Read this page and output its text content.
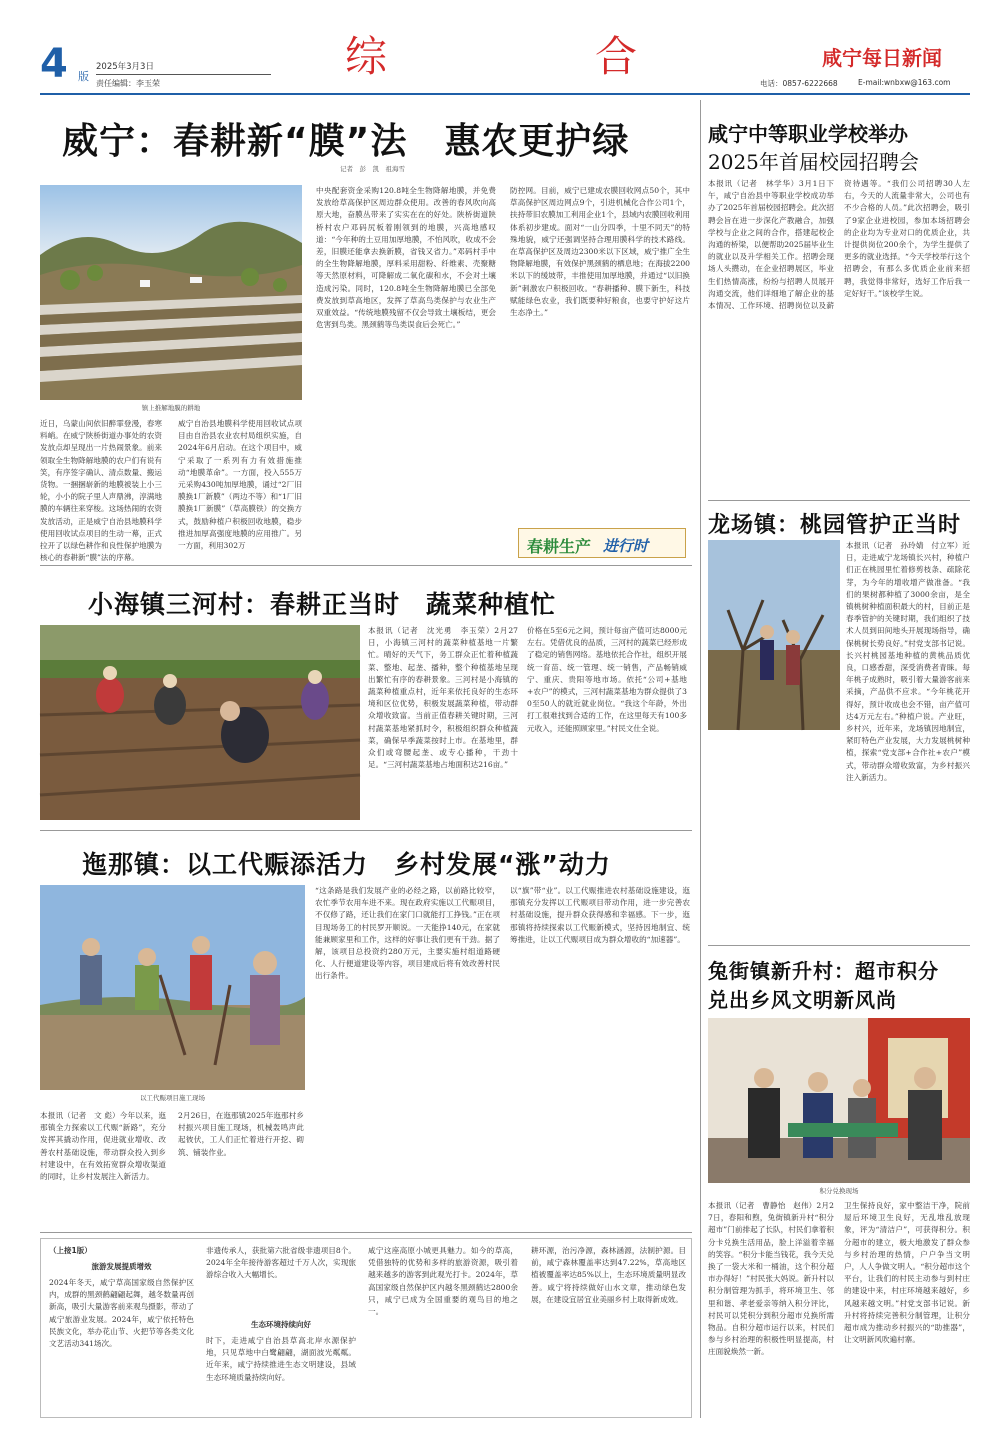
4 版
2025年3月3日
责任编辑：李玉荣
综	合	咸宁每日新闻
电话：0857-6222668	E-mail:wnbxw@163.com
威宁：春耕新“膜”法　惠农更护绿
记者　彭　凯　祖海雪
镇上推解地膜的耕地
近日，乌蒙山间依旧醉霏登漫，春寒料峭。在威宁陕桥街道办事处的农资发放点却呈现出一片热闹景象。前来领取全生物降解地膜的农户们有说有笑，有序签字确认、清点数量、搬运货物。一捆捆崭新的地膜被装上小三轮，小小的院子里人声鼎沸，淳满地膜的车辆往来穿梭。这场热闹的农资发放活动，正是威宁自治县地膜科学使用回收试点项目的生动一幕，正式拉开了以绿色耕作和良性保护地膜为核心的春耕新“膜”法的序幕。
威宁自治县地膜科学使用回收试点项目由自治县农业农村局组织实施，自2024年6月启动。在这个项目中，威宁采取了一系列有力有效措施推动“地膜革命”。一方面，投入555万元采购430吨加厚地膜，诵过“2厂旧膜换1厂新膜”（两边不等）和“1厂旧膜换1厂新膜”（草高膜铁）的交换方式，鼓励种植户积极回收地膜，稳步推进加厚高强度地膜的应用推广。另一方面，利用302万
中央配套资金采购120.8吨全生物降解地膜，并免费发放给草高保护区周边群众使用。改善的春风吹向高原大地，奋膜丛带来了实实在在的好处。陕桥街道陕桥村农户邓码尻板着刚领到的地膜，兴高地感叹道：“今年种的土豆用加厚地膜，不怕风吹，收成不会差，旧膜还能拿去换新膜，省钱又省力。”邓码村手中的全生物降解地膜，厚料采用甜粉、纤维素、壳聚糖等天然原材料，可降解成二氧化碳和水，不会对土壤造成污染。同时，120.8吨全生物降解地膜已全部免费发放到草高地区，发挥了草高鸟类保护与农业生产双重效益。“传统地膜残留不仅会导致土壤板结，更会危害到鸟类。黑颈鹤等鸟类误食后会死亡。”
防控网。目前，威宁已建成农膜回收网点50个，其中草高保护区周边网点9个，引进机械化合作公司1个，扶持带旧农膜加工利用企业1个，县域内农膜回收利用体系初步建成。面对“一山分四季，十里不同天”的特殊地貌，威宁还强调坚持合理用膜科学的技术路线。在草高保护区及周边2300米以下区域，威宁推广全生物降解地膜，有效保护黑颈鹤的栖息地；在海拔2200米以下的缓坡带，丰推使用加厚地膜，并通过“以旧换新”刺激农户积极回收。“春耕播种、膜下新生，科技赋能绿色农业，我们既要种好粮食，也要守护好这片生态净土。”
春耕生产 进行时
小海镇三河村：春耕正当时　蔬菜种植忙
本报讯（记者　沈光勇　李玉荣）2月27日，小海镇三河村的蔬菜种植基地一片繁忙。晴好的天气下，务工群众正忙着种植蔬菜、整地、起垄、播种，整个种植基地呈现出繁忙有序的春耕景象。三河村是小海镇的蔬菜种植重点村，近年来依托良好的生态环境和区位优势，积极发展蔬菜种植，带动群众增收致富。当前正值春耕关键时期，三河村蔬菜基地紧抓时令，积极组织群众种植蔬菜，确保早季蔬菜按时上市。在基地里，群众们或弯腰起垄、或专心播种，干劲十足。“三河村蔬菜基地占地面积达216亩。”
价格在5至6元之间，预计每亩产值可达8000元左右。凭借优良的品质，三河村的蔬菜已经形成了稳定的销售网络。基地依托合作社，组织开展统一育苗、统一管理、统一销售，产品畅销威宁、重庆、贵阳等地市场。依托“公司+基地+农户”的模式，三河村蔬菜基地为群众提供了30至50人的就近就业岗位。“我这个年龄，外出打工很难找到合适的工作，在这里每天有100多元收入，还能照顾家里。”村民文仕全说。
迤那镇：以工代赈添活力　乡村发展“涨”动力
以工代赈项目施工现场
本报讯（记者　文 彪）今年以来，迤那镇全力探索以工代赈“新路”，充分发挥其撬动作用，促进就业增收、改善农村基础设施，带动群众投入到乡村建设中，在有效拓宽群众增收渠道的同时，让乡村发展注入新活力。
2月26日，在迤那镇2025年迤那村乡村振兴项目施工现场，机械轰鸣声此起彼伏，工人们正忙着进行开挖、砌筑、铺装作业。
“这条路是我们发展产业的必经之路，以前路比较窄，农忙季节农用车进不来。现在政府实施以工代赈项目，不仅修了路，还让我们在家门口就能打工挣钱。”正在项目现场务工的村民罗开顺说。一天能挣140元，在家就能兼顾家里和工作，这样的好事让我们更有干劲。据了解，该项目总投资约280万元，主要实施村组道路硬化、人行便道建设等内容，项目建成后将有效改善村民出行条件。
以“旗”带“业”。以工代赈推进农村基础设施建设，迤那镇充分发挥以工代赈项目带动作用，进一步完善农村基础设施，提升群众获得感和幸福感。下一步，迤那镇将持续探索以工代赈新模式，坚持因地制宜、统筹推进，让以工代赈项目成为群众增收的“加速器”。
（上接1版）
旅游发展提质增效
2024年冬天，咸宁草高国家级自然保护区内，成群的黑颈鹤翩翩起舞，越冬数量再创新高，吸引大量游客前来观鸟摄影，带动了咸宁旅游业发展。2024年，咸宁依托特色民族文化，举办花山节、火把节等各类文化文艺活动341场次。
非遗传承人，获批第六批省级非遗项目8个。2024年全年接待游客超过千万人次，实现旅游综合收入大幅增长。
生态环境持续向好
时下，走进咸宁自治县草高北岸水源保护地，只见草地中白鹭翩翩，湖面波光粼粼。近年来，咸宁持续推进生态文明建设，县域生态环境质量持续向好。
咸宁这座高原小城更具魅力。如今的草高，凭借独特的优势和多样的旅游资源，吸引着越来越多的游客到此观光打卡。2024年，草高国家级自然保护区内越冬黑颈鹤达2800余只，咸宁已成为全国重要的观鸟目的地之一。
耕环源，治污净源，森林涵源，法制护源。目前，咸宁森林覆盖率达到47.22%，草高地区植被覆盖率达85%以上，生态环境质量明显改善。咸宁将持续做好山水文章，推动绿色发展，在建设宜居宜业美丽乡村上取得新成效。
咸宁中等职业学校举办
2025年首届校园招聘会
本报讯（记者　林学华）3月1日下午，咸宁自治县中等职业学校成功举办了2025年首届校园招聘会。此次招聘会旨在进一步深化产教融合，加强学校与企业之间的合作，搭建起校企沟通的桥梁，以便帮助2025届毕业生的就业以及升学相关工作。招聘会现场人头攒动，在企业招聘展区，毕业生们热情高涨，纷纷与招聘人员展开沟通交流，他们详细地了解企业的基本情况、工作环境、招聘岗位以及薪资待遇等。“我们公司招聘30人左右，今天的人流量非常大，公司也有不少合格的人员。”此次招聘会，吸引了9家企业进校园，参加本场招聘会的企业均为专业对口的优质企业，共计提供岗位200余个，为学生提供了更多的就业选择。“今天学校举行这个招聘会，有那么多优质企业前来招聘，我觉得非常好，选好工作后我一定好好干。”该校学生说。
龙场镇：桃园管护正当时
本报讯（记者　孙玲婧　付立军）近日，走进咸宁龙场镇长兴村，种植户们正在桃园里忙着修剪枝条、疏除花芽，为今年的增收增产做准备。“我们的果树都种植了3000余亩，是全镇桃树种植面积最大的村，目前正是春季管护的关键时期，我们组织了技术人员到田间地头开展现场指导，确保桃树长势良好。”村党支部书记说。长兴村桃园基地种植的黄桃品质优良，口感香甜，深受消费者青睐。每年桃子成熟时，吸引着大量游客前来采摘，产品供不应求。“今年桃花开得好，预计收成也会不错，亩产值可达4万元左右。”种植户说。产业旺，乡村兴，近年来，龙场镇因地制宜，紧盯特色产业发展，大力发展桃树种植，探索“党支部+合作社+农户”模式，带动群众增收致富，为乡村振兴注入新活力。
兔街镇新升村：超市积分
兑出乡风文明新风尚
积分兑换现场
本报讯（记者　曹静怡　赵伟）2月27日，春阳和煦，兔街镇新升村“积分超市”门前排起了长队，村民们拿着积分卡兑换生活用品，脸上洋溢着幸福的笑容。“积分卡能当钱花，我今天兑换了一袋大米和一桶油，这个积分超市办得好！”村民张大妈说。新升村以积分制管理为抓手，将环境卫生、邻里和谐、孝老爱亲等纳入积分评比，村民可以凭积分到积分超市兑换所需物品。自积分超市运行以来，村民们参与乡村治理的积极性明显提高，村庄面貌焕然一新。
卫生保持良好，家中整洁干净，院前屋后环境卫生良好，无乱堆乱放现象，评为“清洁户”，可获得积分。积分超市的建立，极大地激发了群众参与乡村治理的热情，户户争当文明户，人人争做文明人。“积分超市这个平台，让我们的村民主动参与到村庄的建设中来，村庄环境越来越好，乡风越来越文明。”村党支部书记说。新升村将持续完善积分制管理，让积分超市成为推动乡村振兴的“助推器”，让文明新风吹遍村寨。
